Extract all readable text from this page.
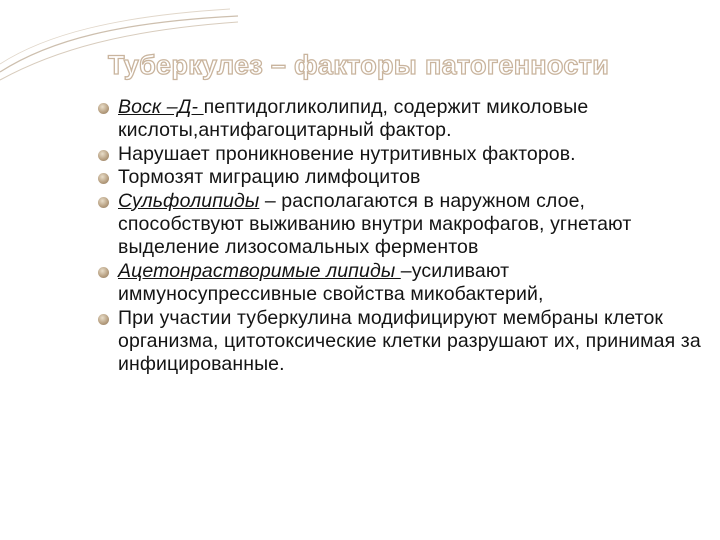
Туберкулез – факторы патогенности
Воск –Д- пептидогликолипид, содержит миколовые кислоты,антифагоцитарный фактор.
Нарушает проникновение нутритивных факторов.
Тормозят миграцию лимфоцитов
Сульфолипиды – располагаются в наружном слое, способствуют выживанию внутри макрофагов, угнетают выделение лизосомальных ферментов
Ацетонрастворимые липиды –усиливают иммуносупрессивные свойства микобактерий,
При участии туберкулина модифицируют мембраны клеток организма, цитотоксические клетки разрушают их, принимая за инфицированные.
